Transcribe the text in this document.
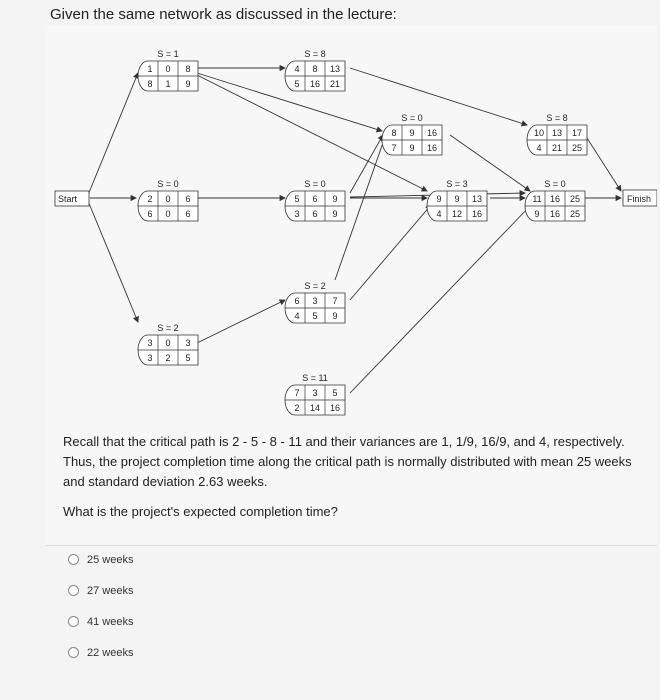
Given the same network as discussed in the lecture:
Start	Finish
S = 1
1 0 8
8 1 9
S = 8
4 8 13
5 16 21
S = 0
8 9 16
7 9 16
S = 8
10 13 17
4 21 25
S = 0
2 0 6
6 0 6
S = 0
5 6 9
3 6 9
S = 3
9 9 13
4 12 16
S = 0
11 16 25
9 16 25
S = 2
6 3 7
4 5 9
S = 2
3 0 3
3 2 5
S = 11
7 3 5
2 14 16
Recall that the critical path is 2 - 5 - 8 - 11 and their variances are 1, 1/9, 16/9, and 4, respectively. Thus, the project completion time along the critical path is normally distributed with mean 25 weeks and standard deviation 2.63 weeks.
What is the project's expected completion time?
25 weeks
27 weeks
41 weeks
22 weeks
